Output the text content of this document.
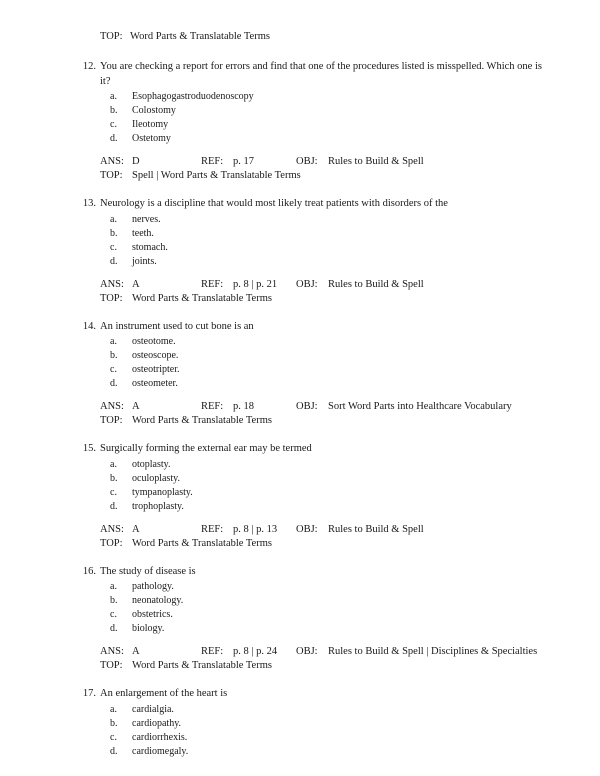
TOP: Word Parts & Translatable Terms
12. You are checking a report for errors and find that one of the procedures listed is misspelled. Which one is it?

a.	Esophagogastroduodenoscopy
b.	Colostomy
c.	Ileotomy
d.	Ostetomy
ANS: D	REF: p. 17	OBJ: Rules to Build & Spell
TOP: Spell | Word Parts & Translatable Terms
13. Neurology is a discipline that would most likely treat patients with disorders of the

a.	nerves.
b.	teeth.
c.	stomach.
d.	joints.
ANS: A	REF: p. 8 | p. 21 OBJ: Rules to Build & Spell
TOP: Word Parts & Translatable Terms
14. An instrument used to cut bone is an

a.	osteotome.
b.	osteoscope.
c.	osteotripter.
d.	osteometer.
ANS: A	REF: p. 18	OBJ: Sort Word Parts into Healthcare Vocabulary
TOP: Word Parts & Translatable Terms
15. Surgically forming the external ear may be termed

a.	otoplasty.
b.	oculoplasty.
c.	tympanoplasty.
d.	trophoplasty.
ANS: A	REF: p. 8 | p. 13 OBJ: Rules to Build & Spell
TOP: Word Parts & Translatable Terms
16. The study of disease is

a.	pathology.
b.	neonatology.
c.	obstetrics.
d.	biology.
ANS: A	REF: p. 8 | p. 24 OBJ: Rules to Build & Spell | Disciplines & Specialties
TOP: Word Parts & Translatable Terms
17. An enlargement of the heart is

a.	cardialgia.
b.	cardiopathy.
c.	cardiorrhexis.
d.	cardiomegaly.
